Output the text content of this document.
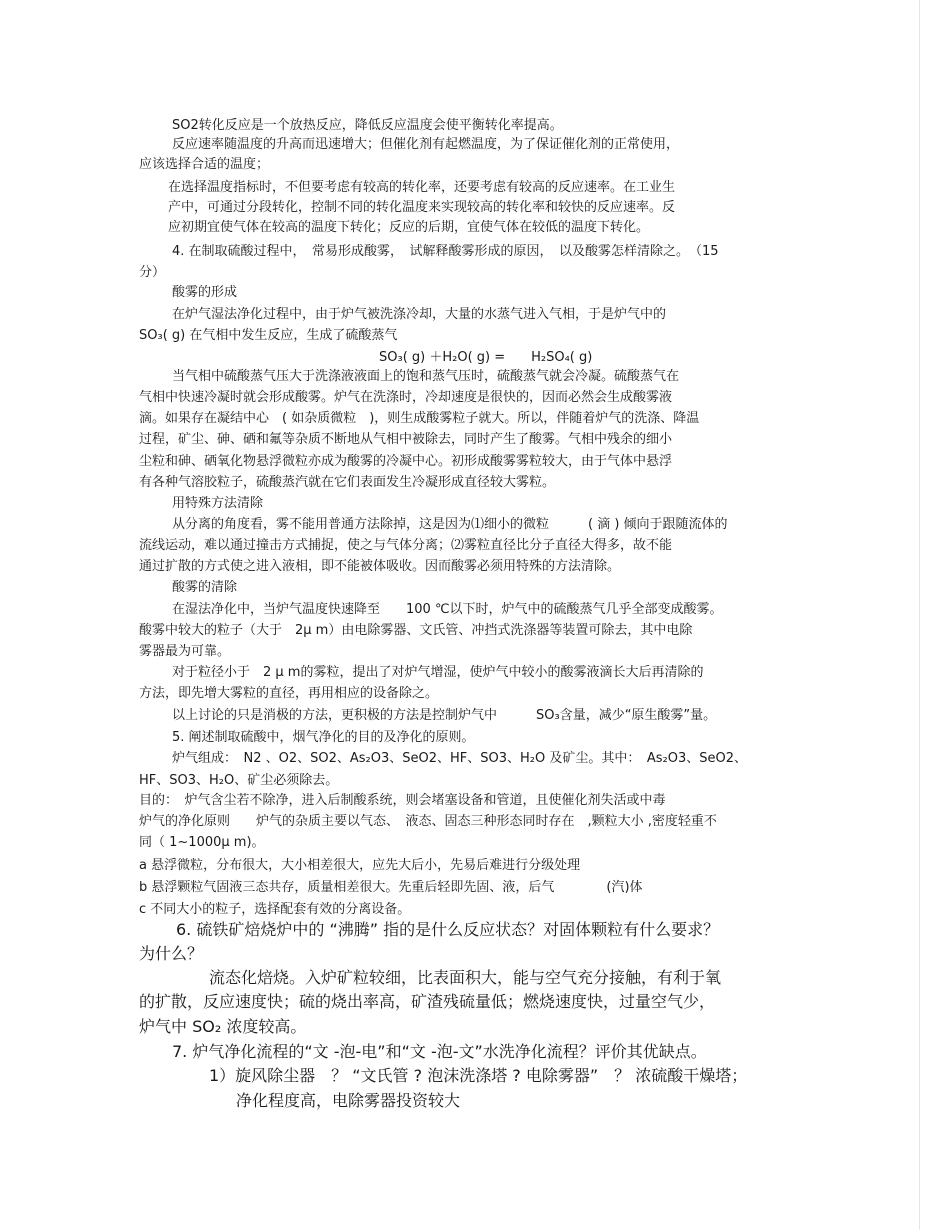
SO2转化反应是一个放热反应，降低反应温度会使平衡转化率提高。
反应速率随温度的升高而迅速增大；但催化剂有起燃温度，为了保证催化剂的正常使用，
应该选择合适的温度；
在选择温度指标时，不但要考虑有较高的转化率，还要考虑有较高的反应速率。在工业生
产中，可通过分段转化，控制不同的转化温度来实现较高的转化率和较快的反应速率。反
应初期宜使气体在较高的温度下转化；反应的后期，宜使气体在较低的温度下转化。
4. 在制取硫酸过程中，　常易形成酸雾，　试解释酸雾形成的原因，　以及酸雾怎样清除之。　（15
分）
酸雾的形成
在炉气湿法净化过程中，由于炉气被洗涤冷却，大量的水蒸气进入气相，于是炉气中的
SO₃( g) 在气相中发生反应，生成了硫酸蒸气
SO₃( g) ＋H₂O( g) =　　H₂SO₄( g)
当气相中硫酸蒸气压大于洗涤液液面上的饱和蒸气压时，硫酸蒸气就会冷凝。硫酸蒸气在
气相中快速冷凝时就会形成酸雾。炉气在洗涤时，冷却速度是很快的，因而必然会生成酸雾液
滴。如果存在凝结中心　( 如杂质微粒　)，则生成酸雾粒子就大。所以，伴随着炉气的洗涤、降温
过程，矿尘、砷、硒和氟等杂质不断地从气相中被除去，同时产生了酸雾。气相中残余的细小
尘粒和砷、硒氧化物悬浮微粒亦成为酸雾的冷凝中心。初形成酸雾雾粒较大，由于气体中悬浮
有各种气溶胶粒子，硫酸蒸汽就在它们表面发生冷凝形成直径较大雾粒。
用特殊方法清除
从分离的角度看，雾不能用普通方法除掉，这是因为⑴细小的微粒　　　( 滴 ) 倾向于跟随流体的
流线运动，难以通过撞击方式捕捉，使之与气体分离；⑵雾粒直径比分子直径大得多，故不能
通过扩散的方式使之进入液相，即不能被体吸收。因而酸雾必须用特殊的方法清除。
酸雾的清除
在湿法净化中，当炉气温度快速降至　　100 ℃以下时，炉气中的硫酸蒸气几乎全部变成酸雾。
酸雾中较大的粒子（大于　2μ m）由电除雾器、文氏管、冲挡式洗涤器等装置可除去，其中电除
雾器最为可靠。
对于粒径小于　2 μ m的雾粒，提出了对炉气增湿，使炉气中较小的酸雾液滴长大后再清除的
方法，即先增大雾粒的直径，再用相应的设备除之。
以上讨论的只是消极的方法，更积极的方法是控制炉气中　　　SO₃含量，减少“原生酸雾”量。
5. 阐述制取硫酸中，烟气净化的目的及净化的原则。
炉气组成：　N2 、O2、SO2、As₂O3、SeO2、HF、SO3、H₂O 及矿尘。其中：　As₂O3、SeO2、
HF、SO3、H₂O、矿尘必须除去。
目的：　炉气含尘若不除净，进入后制酸系统，则会堵塞设备和管道，且使催化剂失活或中毒
炉气的净化原则　　炉气的杂质主要以气态、　液态、固态三种形态同时存在　,颗粒大小 ,密度轻重不
同（ 1~1000μ m)。
a 悬浮微粒，分布很大，大小相差很大，应先大后小，先易后难进行分级处理
b 悬浮颗粒气固液三态共存，质量相差很大。先重后轻即先固、液，后气　　　　(汽)体
c 不同大小的粒子，选择配套有效的分离设备。
6. 硫铁矿焙烧炉中的 “沸腾” 指的是什么反应状态？对固体颗粒有什么要求？
为什么？
流态化焙烧。入炉矿粒较细，比表面积大，能与空气充分接触，有利于氧
的扩散，反应速度快；硫的烧出率高，矿渣残硫量低；燃烧速度快，过量空气少，
炉气中 SO₂ 浓度较高。
7. 炉气净化流程的“文 -泡-电”和“文 -泡-文”水洗净化流程？评价其优缺点。
1）旋风除尘器　？ “文氏管 ? 泡沫洗涤塔 ? 电除雾器”　？ 浓硫酸干燥塔；
净化程度高，电除雾器投资较大
